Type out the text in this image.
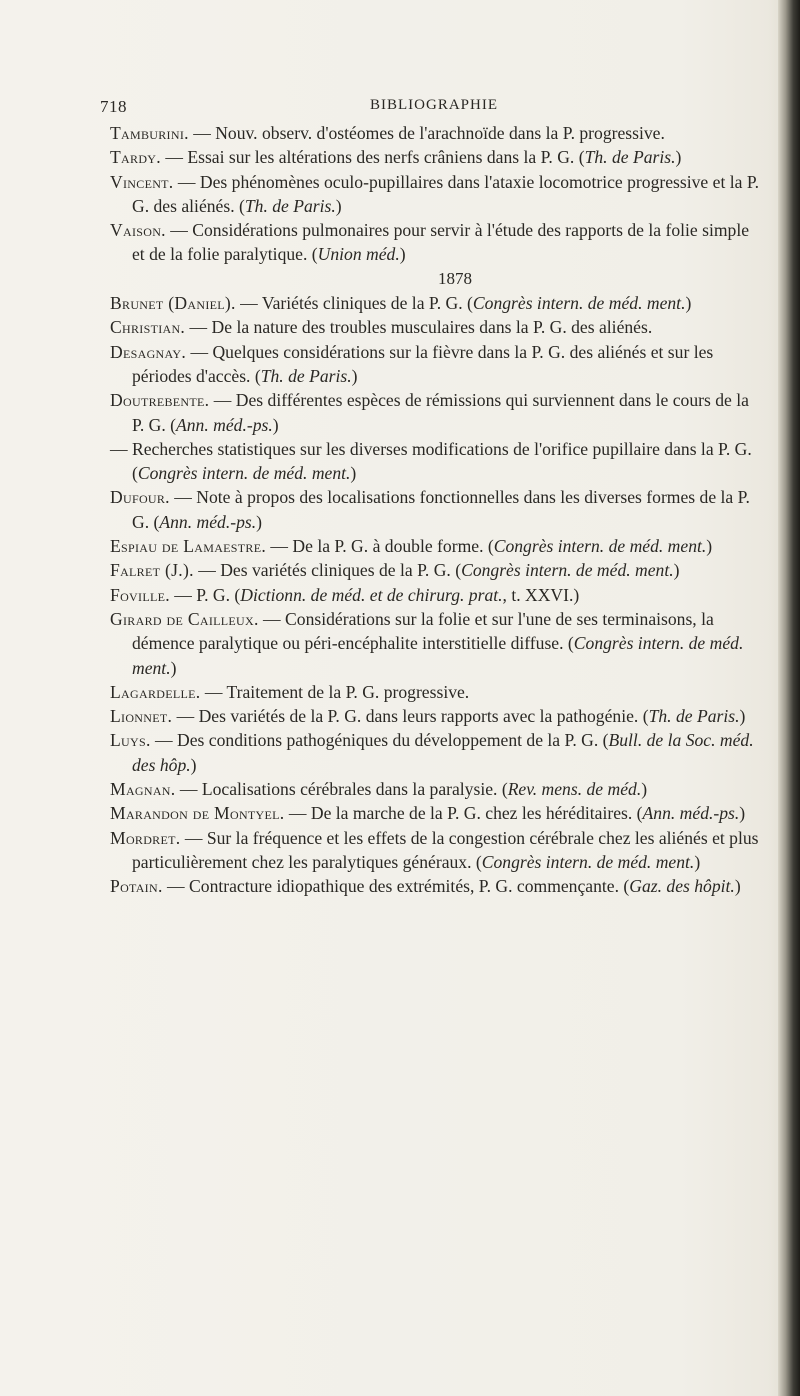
718	BIBLIOGRAPHIE

Tamburini. — Nouv. observ. d'ostéomes de l'arachnoïde dans la P. progressive.

Tardy. — Essai sur les altérations des nerfs crâniens dans la P. G. (Th. de Paris.)

Vincent. — Des phénomènes oculo-pupillaires dans l'ataxie locomotrice progressive et la P. G. des aliénés. (Th. de Paris.)

Vaison. — Considérations pulmonaires pour servir à l'étude des rapports de la folie simple et de la folie paralytique. (Union méd.)

1878

Brunet (Daniel). — Variétés cliniques de la P. G. (Congrès intern. de méd. ment.)

Christian. — De la nature des troubles musculaires dans la P. G. des aliénés.

Desagnay. — Quelques considérations sur la fièvre dans la P. G. des aliénés et sur les périodes d'accès. (Th. de Paris.)

Doutrebente. — Des différentes espèces de rémissions qui surviennent dans le cours de la P. G. (Ann. méd.-ps.)

— Recherches statistiques sur les diverses modifications de l'orifice pupillaire dans la P. G. (Congrès intern. de méd. ment.)

Dufour. — Note à propos des localisations fonctionnelles dans les diverses formes de la P. G. (Ann. méd.-ps.)

Espiau de Lamaestre. — De la P. G. à double forme. (Congrès intern. de méd. ment.)

Falret (J.). — Des variétés cliniques de la P. G. (Congrès intern. de méd. ment.)

Foville. — P. G. (Dictionn. de méd. et de chirurg. prat., t. XXVI.)

Girard de Cailleux. — Considérations sur la folie et sur l'une de ses terminaisons, la démence paralytique ou péri-encéphalite interstitielle diffuse. (Congrès intern. de méd. ment.)

Lagardelle. — Traitement de la P. G. progressive.

Lionnet. — Des variétés de la P. G. dans leurs rapports avec la pathogénie. (Th. de Paris.)

Luys. — Des conditions pathogéniques du développement de la P. G. (Bull. de la Soc. méd. des hôp.)

Magnan. — Localisations cérébrales dans la paralysie. (Rev. mens. de méd.)

Marandon de Montyel. — De la marche de la P. G. chez les héréditaires. (Ann. méd.-ps.)

Mordret. — Sur la fréquence et les effets de la congestion cérébrale chez les aliénés et plus particulièrement chez les paralytiques généraux. (Congrès intern. de méd. ment.)

Potain. — Contracture idiopathique des extrémités, P. G. commençante. (Gaz. des hôpit.)
